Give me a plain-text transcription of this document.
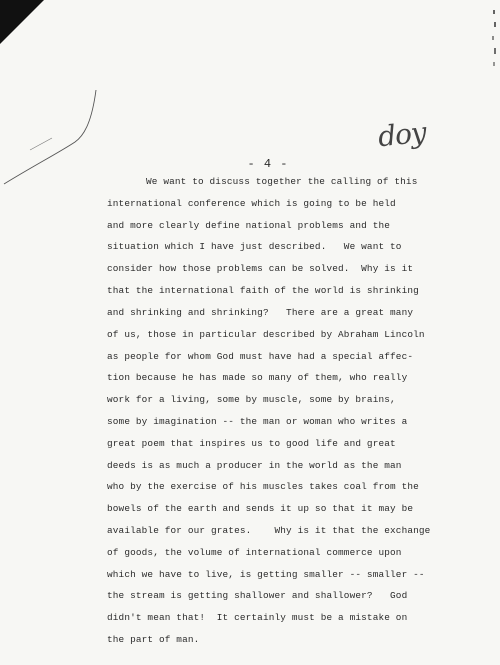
doy
- 4 -
We want to discuss together the calling of this
international conference which is going to be held
and more clearly define national problems and the
situation which I have just described.   We want to
consider how those problems can be solved.  Why is it
that the international faith of the world is shrinking
and shrinking and shrinking?   There are a great many
of us, those in particular described by Abraham Lincoln
as people for whom God must have had a special affec-
tion because he has made so many of them, who really
work for a living, some by muscle, some by brains,
some by imagination -- the man or woman who writes a
great poem that inspires us to good life and great
deeds is as much a producer in the world as the man
who by the exercise of his muscles takes coal from the
bowels of the earth and sends it up so that it may be
available for our grates.    Why is it that the exchange
of goods, the volume of international commerce upon
which we have to live, is getting smaller -- smaller --
the stream is getting shallower and shallower?   God
didn't mean that!  It certainly must be a mistake on
the part of man.
